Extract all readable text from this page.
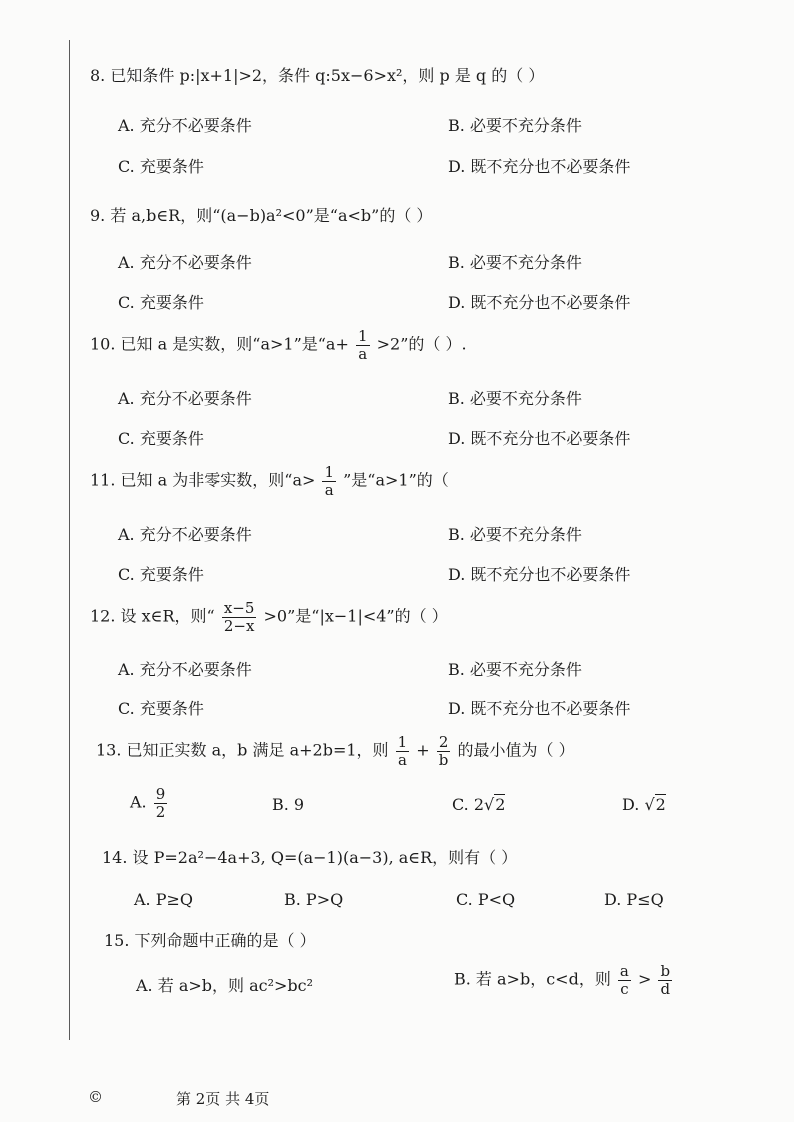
8. 已知条件 p:|x+1|>2，条件 q:5x−6>x²，则 p 是 q 的（ ）
A. 充分不必要条件	B. 必要不充分条件
C. 充要条件	D. 既不充分也不必要条件
9. 若 a,b∈R，则“(a−b)a²<0”是“a<b”的（ ）
A. 充分不必要条件	B. 必要不充分条件
C. 充要条件	D. 既不充分也不必要条件
10. 已知 a 是实数，则“a>1”是“$a+ \frac{1}{a} >2$”的（ ）.
A. 充分不必要条件	B. 必要不充分条件
C. 充要条件	D. 既不充分也不必要条件
11. 已知 a 为非零实数，则“$a> \frac{1}{a}$ ”是“a>1”的（
A. 充分不必要条件	B. 必要不充分条件
C. 充要条件	D. 既不充分也不必要条件
12. 设 x∈R，则“ $\frac{x-5}{2-x} >0$”是“|x−1|<4”的（ ）
A. 充分不必要条件	B. 必要不充分条件
C. 充要条件	D. 既不充分也不必要条件
13. 已知正实数 a，b 满足 a+2b=1，则 $\frac{1}{a} + \frac{2}{b}$ 的最小值为（ ）
A. $\frac{9}{2}$	B. 9	C. 2√2	D. √2
14. 设 P=2a²−4a+3, Q=(a−1)(a−3), a∈R，则有（ ）
A. P≥Q	B. P>Q	C. P<Q	D. P≤Q
15. 下列命题中正确的是（ ）
A. 若 a>b，则 ac²>bc²	B. 若 a>b，c<d，则 $\frac{a}{c} > \frac{b}{d}$
©	第 2页 共 4页
